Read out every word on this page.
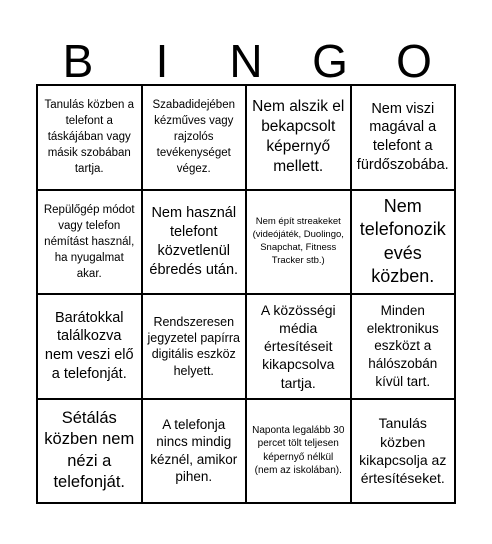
B	I	N	G	O
Tanulás közben a telefont a táskájában vagy másik szobában tartja.
Szabadidejében kézműves vagy rajzolós tevékenységet végez.
Nem alszik el bekapcsolt képernyő mellett.
Nem viszi magával a telefont a fürdőszobába.
Repülőgép módot vagy telefon némítást használ, ha nyugalmat akar.
Nem használ telefont közvetlenül ébredés után.
Nem épít streakeket (videójáték, Duolingo, Snapchat, Fitness Tracker stb.)
Nem telefonozik evés közben.
Barátokkal találkozva nem veszi elő a telefonját.
Rendszeresen jegyzetel papírra digitális eszköz helyett.
A közösségi média értesítéseit kikapcsolva tartja.
Minden elektronikus eszközt a hálószobán kívül tart.
Sétálás közben nem nézi a telefonját.
A telefonja nincs mindig kéznél, amikor pihen.
Naponta legalább 30 percet tölt teljesen képernyő nélkül (nem az iskolában).
Tanulás közben kikapcsolja az értesítéseket.
